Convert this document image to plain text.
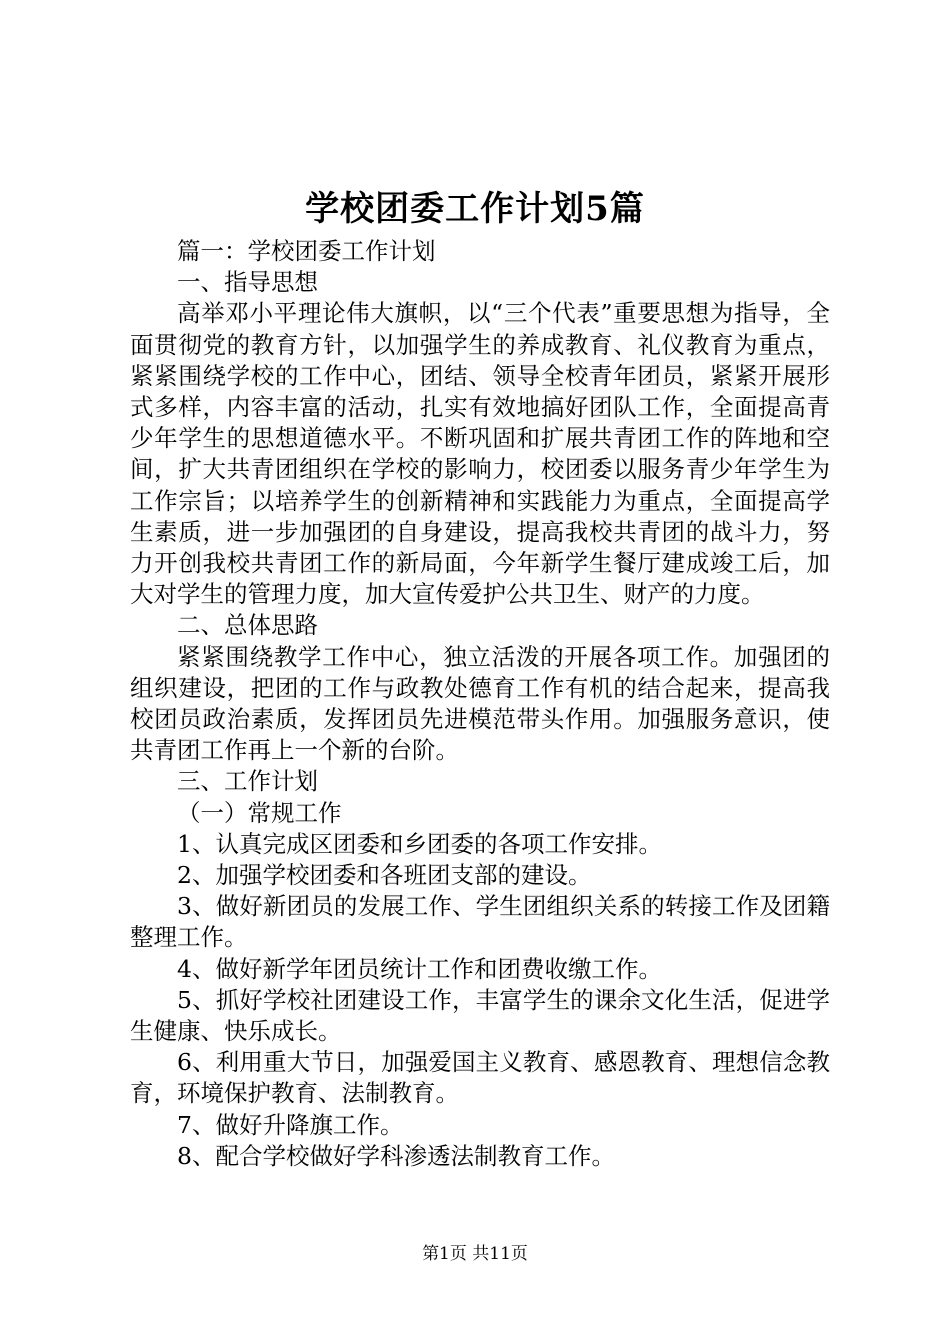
学校团委工作计划5篇

篇一：学校团委工作计划

一、指导思想

高举邓小平理论伟大旗帜，以“三个代表”重要思想为指导，全面贯彻党的教育方针，以加强学生的养成教育、礼仪教育为重点，紧紧围绕学校的工作中心，团结、领导全校青年团员，紧紧开展形式多样，内容丰富的活动，扎实有效地搞好团队工作，全面提高青少年学生的思想道德水平。不断巩固和扩展共青团工作的阵地和空间，扩大共青团组织在学校的影响力，校团委以服务青少年学生为工作宗旨；以培养学生的创新精神和实践能力为重点，全面提高学生素质，进一步加强团的自身建设，提高我校共青团的战斗力，努力开创我校共青团工作的新局面，今年新学生餐厅建成竣工后，加大对学生的管理力度，加大宣传爱护公共卫生、财产的力度。

二、总体思路

紧紧围绕教学工作中心，独立活泼的开展各项工作。加强团的组织建设，把团的工作与政教处德育工作有机的结合起来，提高我校团员政治素质，发挥团员先进模范带头作用。加强服务意识，使共青团工作再上一个新的台阶。

三、工作计划

（一）常规工作

1、认真完成区团委和乡团委的各项工作安排。

2、加强学校团委和各班团支部的建设。

3、做好新团员的发展工作、学生团组织关系的转接工作及团籍整理工作。

4、做好新学年团员统计工作和团费收缴工作。

5、抓好学校社团建设工作，丰富学生的课余文化生活，促进学生健康、快乐成长。

6、利用重大节日，加强爱国主义教育、感恩教育、理想信念教育，环境保护教育、法制教育。

7、做好升降旗工作。

8、配合学校做好学科渗透法制教育工作。

第1页 共11页
